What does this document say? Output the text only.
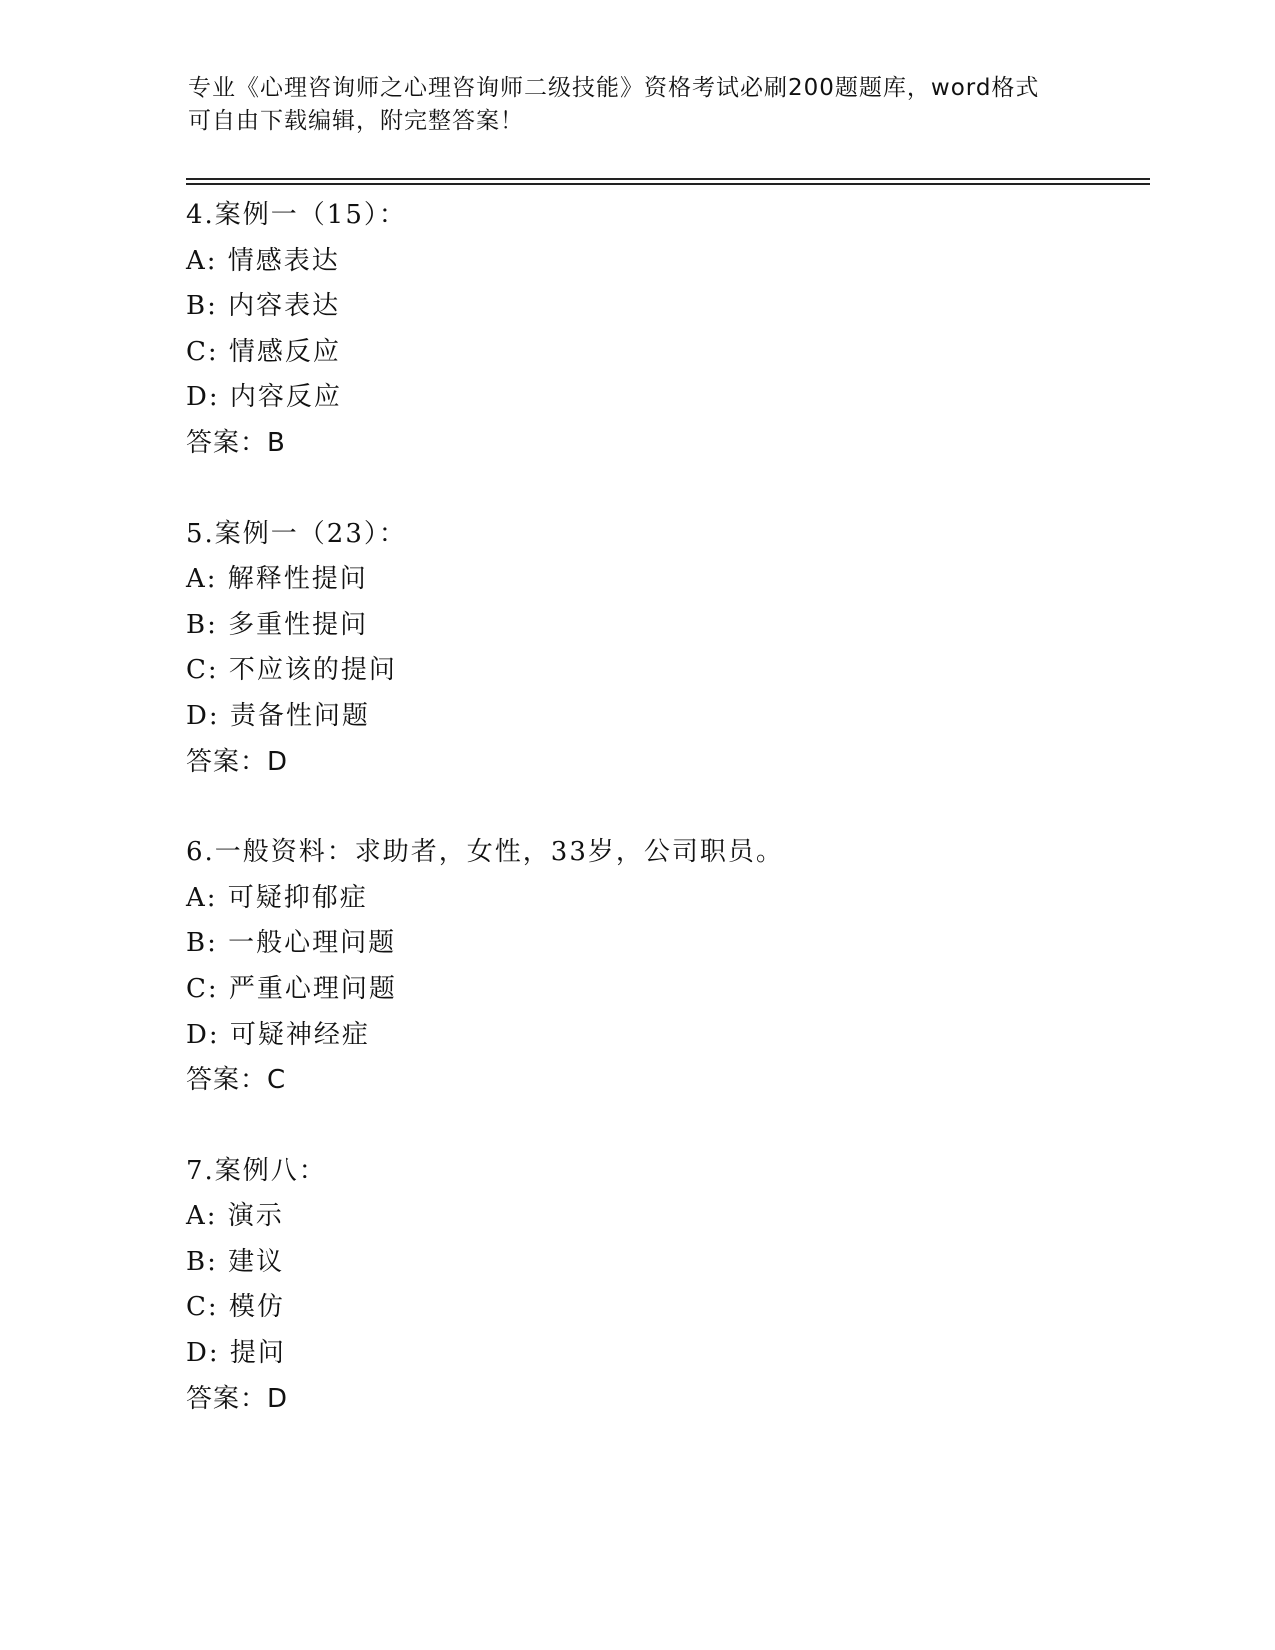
专业《心理咨询师之心理咨询师二级技能》资格考试必刷200题题库，word格式
可自由下载编辑，附完整答案！
4.案例一（15）：
A: 情感表达
B: 内容表达
C: 情感反应
D: 内容反应
答案：B
5.案例一（23）：
A: 解释性提问
B: 多重性提问
C: 不应该的提问
D: 责备性问题
答案：D
6.一般资料：求助者，女性，33岁，公司职员。
A: 可疑抑郁症
B: 一般心理问题
C: 严重心理问题
D: 可疑神经症
答案：C
7.案例八：
A: 演示
B: 建议
C: 模仿
D: 提问
答案：D
